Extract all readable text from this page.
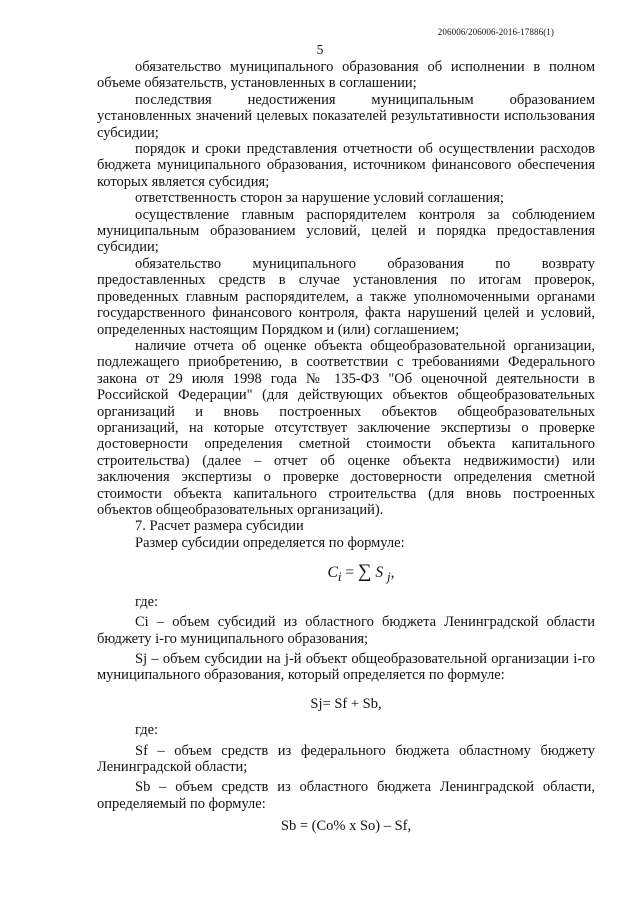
206006/206006-2016-17886(1)
5

обязательство муниципального образования об исполнении в полном объеме обязательств, установленных в соглашении;

последствия недостижения муниципальным образованием установленных значений целевых показателей результативности использования субсидии;

порядок и сроки представления отчетности об осуществлении расходов бюджета муниципального образования, источником финансового обеспечения которых является субсидия;

ответственность сторон за нарушение условий соглашения;

осуществление главным распорядителем контроля за соблюдением муниципальным образованием условий, целей и порядка предоставления субсидии;

обязательство муниципального образования по возврату предоставленных средств в случае установления по итогам проверок, проведенных главным распорядителем, а также уполномоченными органами государственного финансового контроля, факта нарушений целей и условий, определенных настоящим Порядком и (или) соглашением;

наличие отчета об оценке объекта общеобразовательной организации, подлежащего приобретению, в соответствии с требованиями Федерального закона от 29 июля 1998 года № 135-ФЗ "Об оценочной деятельности в Российской Федерации" (для действующих объектов общеобразовательных организаций и вновь построенных объектов общеобразовательных организаций, на которые отсутствует заключение экспертизы о проверке достоверности определения сметной стоимости объекта капитального строительства) (далее – отчет об оценке объекта недвижимости) или заключения экспертизы о проверке достоверности определения сметной стоимости объекта капитального строительства (для вновь построенных объектов общеобразовательных организаций).

7. Расчет размера субсидии

Размер субсидии определяется по формуле:

$C_i$ = ∑ S $_j$,

где:

Ci – объем субсидий из областного бюджета Ленинградской области бюджету i-го муниципального образования;

Sj – объем субсидии на j-й объект общеобразовательной организации i-го муниципального образования, который определяется по формуле:

Sj= Sf + Sb,

где:

Sf – объем средств из федерального бюджета областному бюджету Ленинградской области;

Sb – объем средств из областного бюджета Ленинградской области, определяемый по формуле:

Sb = (Co% x So) – Sf,
